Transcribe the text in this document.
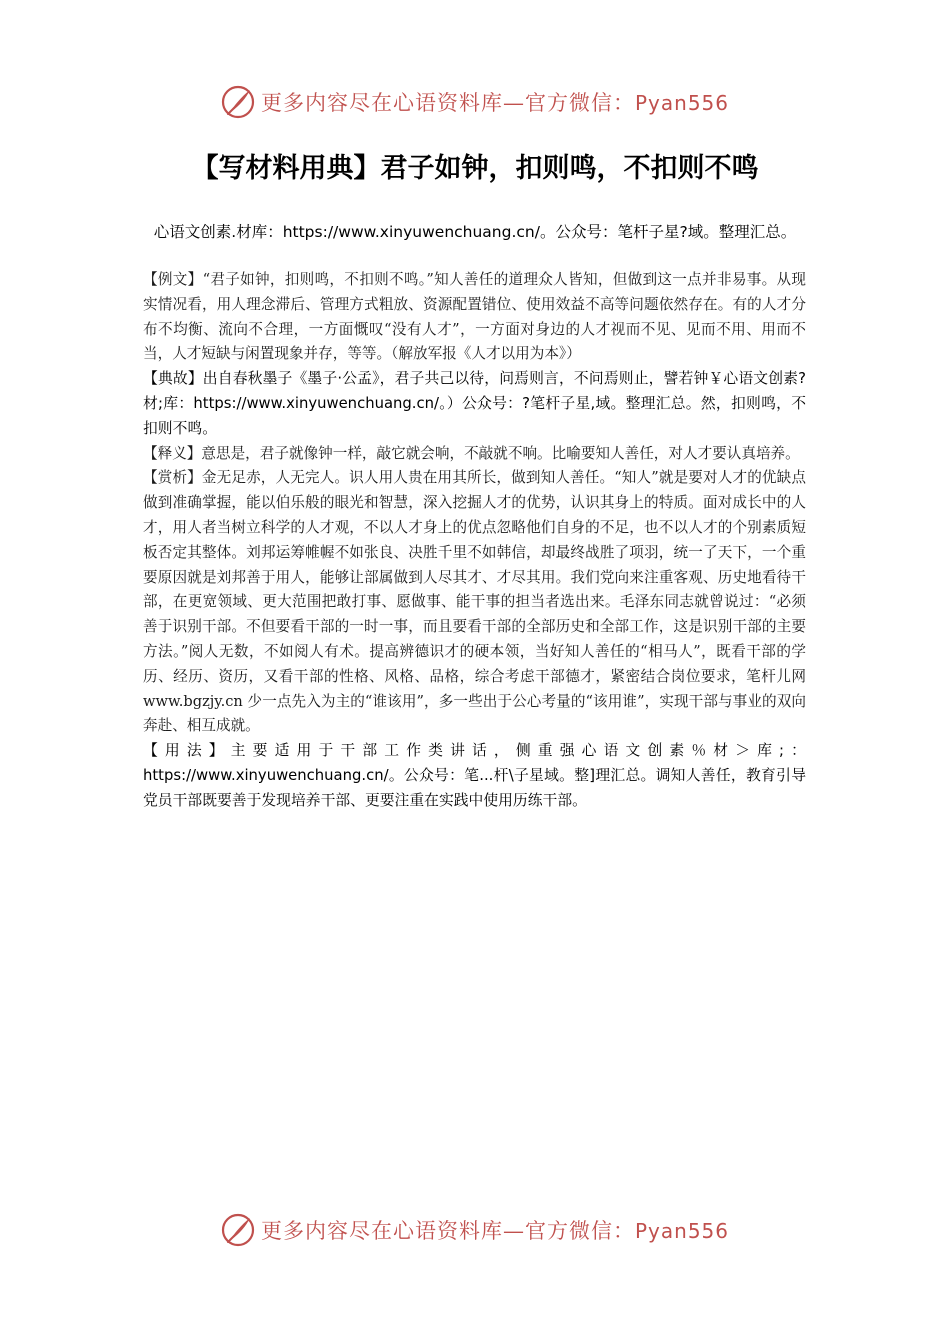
更多内容尽在心语资料库—官方微信：Pyan556
【写材料用典】君子如钟，扣则鸣，不扣则不鸣
心语文创素.材库：https://www.xinyuwenchuang.cn/。公众号：笔杆子星?域。整理汇总。

【例文】“君子如钟，扣则鸣，不扣则不鸣。”知人善任的道理众人皆知，但做到这一点并非易事。从现实情况看，用人理念滞后、管理方式粗放、资源配置错位、使用效益不高等问题依然存在。有的人才分布不均衡、流向不合理，一方面慨叹“没有人才”，一方面对身边的人才视而不见、见而不用、用而不当，人才短缺与闲置现象并存，等等。（解放军报《人才以用为本》）

【典故】出自春秋墨子《墨子·公孟》，君子共己以待，问焉则言，不问焉则止，譬若钟￥心语文创素?材;库：https://www.xinyuwenchuang.cn/。）公众号：?笔杆子星,域。整理汇总。然，扣则鸣，不扣则不鸣。

【释义】意思是，君子就像钟一样，敲它就会响，不敲就不响。比喻要知人善任，对人才要认真培养。

【赏析】金无足赤，人无完人。识人用人贵在用其所长，做到知人善任。“知人”就是要对人才的优缺点做到准确掌握，能以伯乐般的眼光和智慧，深入挖掘人才的优势，认识其身上的特质。面对成长中的人才，用人者当树立科学的人才观，不以人才身上的优点忽略他们自身的不足，也不以人才的个别素质短板否定其整体。刘邦运筹帷幄不如张良、决胜千里不如韩信，却最终战胜了项羽，统一了天下，一个重要原因就是刘邦善于用人，能够让部属做到人尽其才、才尽其用。我们党向来注重客观、历史地看待干部，在更宽领域、更大范围把敢打事、愿做事、能干事的担当者选出来。毛泽东同志就曾说过：“必须善于识别干部。不但要看干部的一时一事，而且要看干部的全部历史和全部工作，这是识别干部的主要方法。”阅人无数，不如阅人有术。提高辨德识才的硬本领，当好知人善任的“相马人”，既看干部的学历、经历、资历，又看干部的性格、风格、品格，综合考虑干部德才，紧密结合岗位要求，笔杆儿网 www.bgzjy.cn 少一点先入为主的“谁该用”，多一些出于公心考量的“该用谁”，实现干部与事业的双向奔赴、相互成就。

【用法】主要适用于干部工作类讲话，侧重强心语文创素％材＞库;：https://www.xinyuwenchuang.cn/。公众号：笔...杆\子星域。整]理汇总。调知人善任，教育引导党员干部既要善于发现培养干部、更要注重在实践中使用历练干部。

更多内容尽在心语资料库—官方微信：Pyan556
